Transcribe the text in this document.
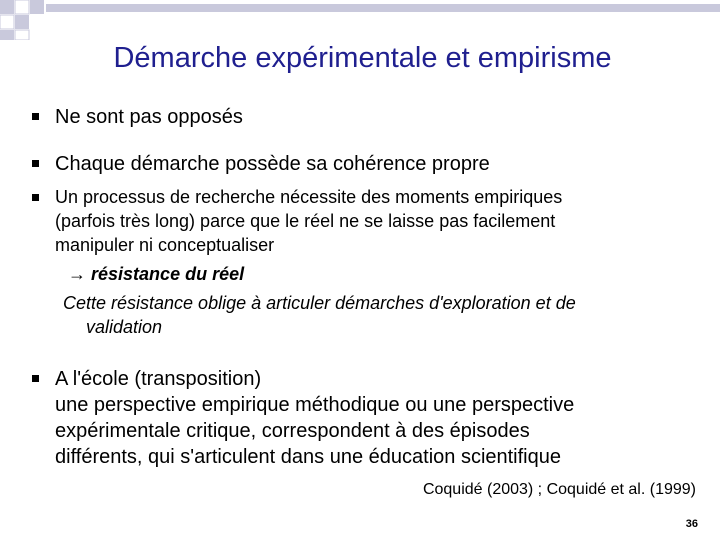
Démarche expérimentale et empirisme

Ne sont pas opposés

Chaque démarche possède sa cohérence propre

Un processus de recherche nécessite des moments empiriques
(parfois très long) parce que le réel ne se laisse pas facilement
manipuler ni conceptualiser

→ résistance du réel
Cette résistance oblige à articuler démarches d'exploration et de
validation

A l'école (transposition)
une perspective empirique méthodique ou une perspective
expérimentale critique, correspondent à des épisodes
différents, qui s'articulent dans une éducation scientifique

Coquidé (2003) ; Coquidé et al. (1999)
36
